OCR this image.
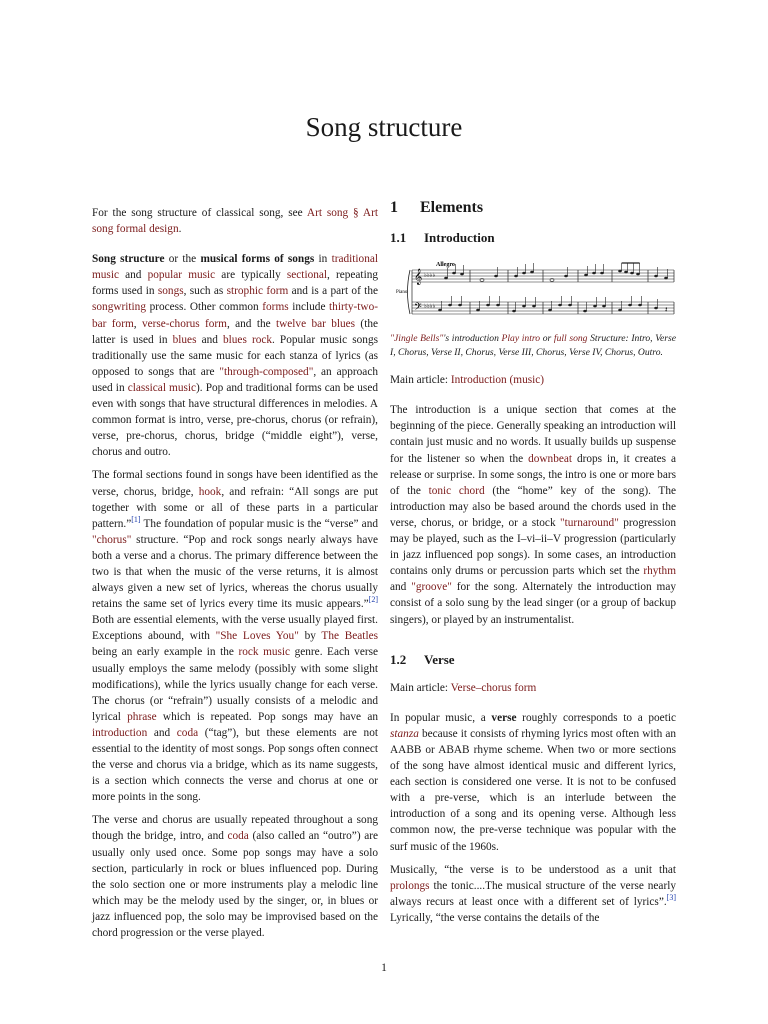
Song structure

For the song structure of classical song, see Art song § Art song formal design.

Song structure or the musical forms of songs in traditional music and popular music are typically sectional, repeating forms used in songs, such as strophic form and is a part of the songwriting process. Other common forms include thirty-two-bar form, verse-chorus form, and the twelve bar blues (the latter is used in blues and blues rock. Popular music songs traditionally use the same music for each stanza of lyrics (as opposed to songs that are "through-composed", an approach used in classical music). Pop and traditional forms can be used even with songs that have structural differences in melodies. A common format is intro, verse, pre-chorus, chorus (or refrain), verse, pre-chorus, chorus, bridge (“middle eight”), verse, chorus and outro.

The formal sections found in songs have been identified as the verse, chorus, bridge, hook, and refrain: “All songs are put together with some or all of these parts in a particular pattern.”[1] The foundation of popular music is the “verse” and "chorus" structure. “Pop and rock songs nearly always have both a verse and a chorus. The primary difference between the two is that when the music of the verse returns, it is almost always given a new set of lyrics, whereas the chorus usually retains the same set of lyrics every time its music appears.”[2] Both are essential elements, with the verse usually played first. Exceptions abound, with "She Loves You" by The Beatles being an early example in the rock music genre. Each verse usually employs the same melody (possibly with some slight modifications), while the lyrics usually change for each verse. The chorus (or “refrain”) usually consists of a melodic and lyrical phrase which is repeated. Pop songs may have an introduction and coda (“tag”), but these elements are not essential to the identity of most songs. Pop songs often connect the verse and chorus via a bridge, which as its name suggests, is a section which connects the verse and chorus at one or more points in the song.

The verse and chorus are usually repeated throughout a song though the bridge, intro, and coda (also called an “outro”) are usually only used once. Some pop songs may have a solo section, particularly in rock or blues influenced pop. During the solo section one or more instruments play a melodic line which may be the melody used by the singer, or, in blues or jazz influenced pop, the solo may be improvised based on the chord progression or the verse played.

1 Elements
1.1 Introduction
Allegro
Piano
𝄞
𝄢
♭♭♭♭
♭♭♭♭	𝄽

"Jingle Bells"'s introduction Play intro or full song Structure: Intro, Verse I, Chorus, Verse II, Chorus, Verse III, Chorus, Verse IV, Chorus, Outro.

Main article: Introduction (music)

The introduction is a unique section that comes at the beginning of the piece. Generally speaking an introduction will contain just music and no words. It usually builds up suspense for the listener so when the downbeat drops in, it creates a release or surprise. In some songs, the intro is one or more bars of the tonic chord (the “home” key of the song). The introduction may also be based around the chords used in the verse, chorus, or bridge, or a stock "turnaround" progression may be played, such as the I–vi–ii–V progression (particularly in jazz influenced pop songs). In some cases, an introduction contains only drums or percussion parts which set the rhythm and "groove" for the song. Alternately the introduction may consist of a solo sung by the lead singer (or a group of backup singers), or played by an instrumentalist.

1.2 Verse

Main article: Verse–chorus form

In popular music, a verse roughly corresponds to a poetic stanza because it consists of rhyming lyrics most often with an AABB or ABAB rhyme scheme. When two or more sections of the song have almost identical music and different lyrics, each section is considered one verse. It is not to be confused with a pre-verse, which is an interlude between the introduction of a song and its opening verse. Although less common now, the pre-verse technique was popular with the surf music of the 1960s.

Musically, “the verse is to be understood as a unit that prolongs the tonic....The musical structure of the verse nearly always recurs at least once with a different set of lyrics”.[3] Lyrically, “the verse contains the details of the

1
